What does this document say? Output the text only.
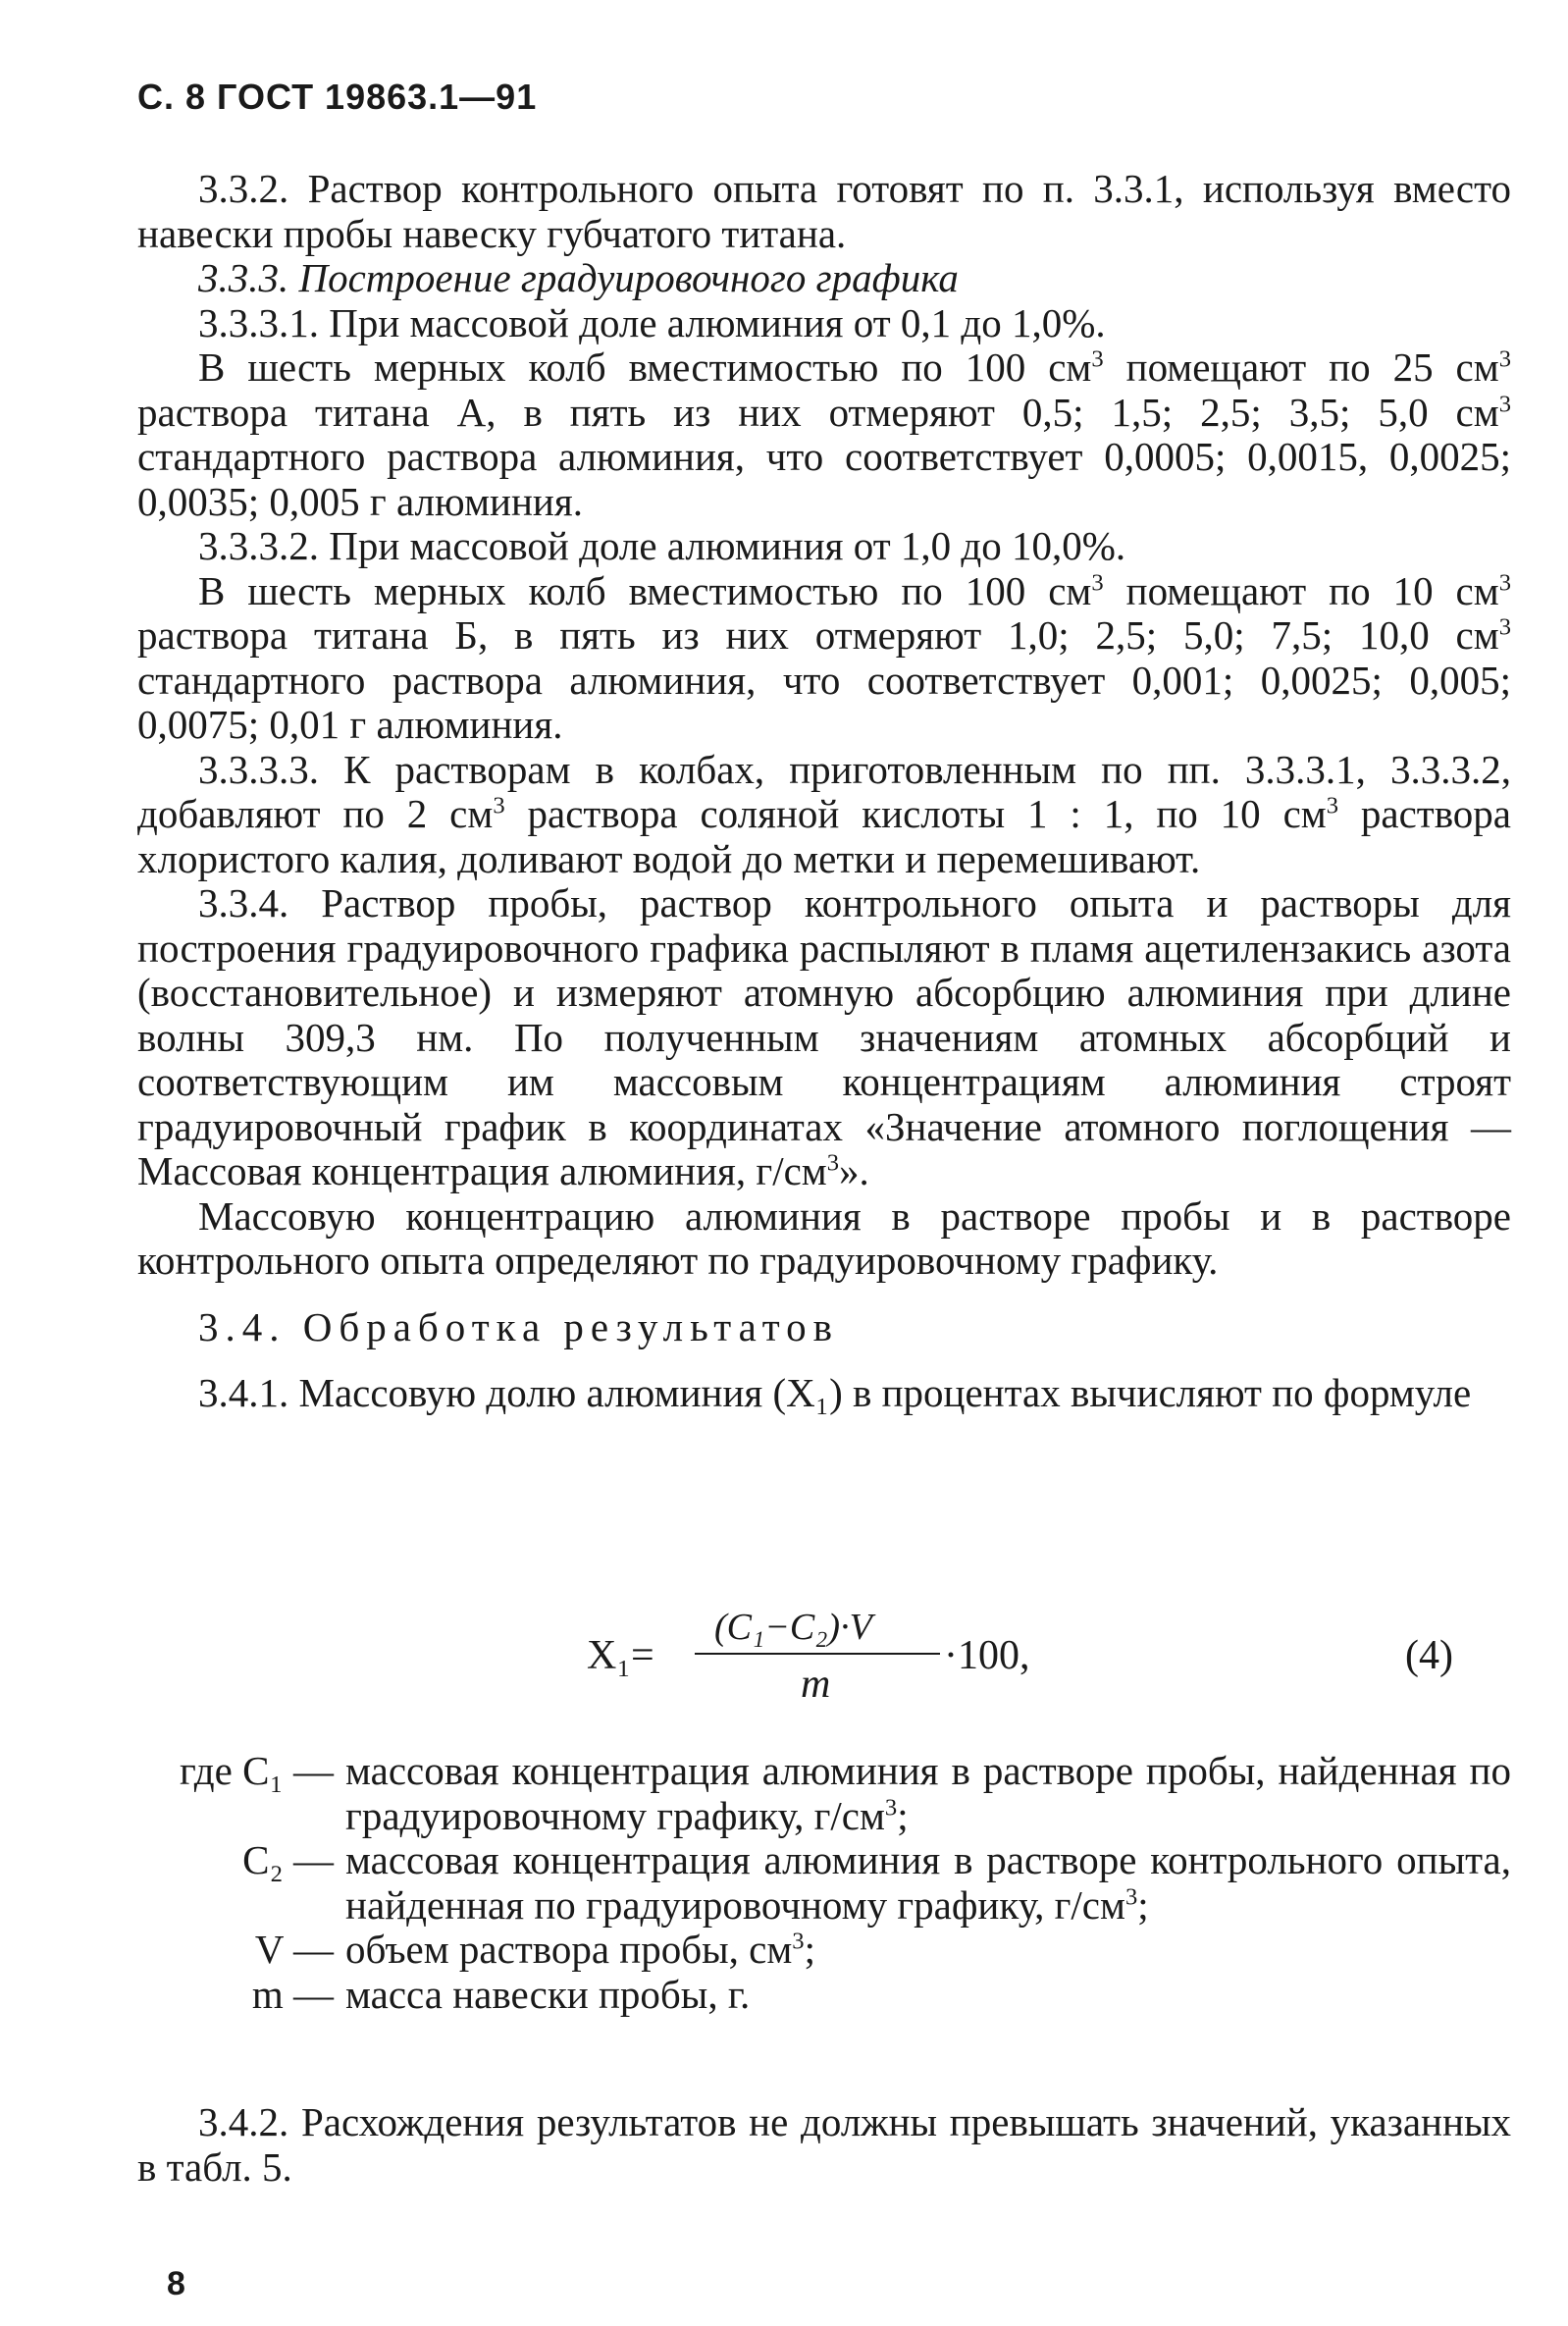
С. 8 ГОСТ 19863.1—91
3.3.2. Раствор контрольного опыта готовят по п. 3.3.1, используя вместо навески пробы навеску губчатого титана.
3.3.3. Построение градуировочного графика
3.3.3.1. При массовой доле алюминия от 0,1 до 1,0%.
В шесть мерных колб вместимостью по 100 $см^3$ помещают по 25 $см^3$ раствора титана А, в пять из них отмеряют 0,5; 1,5; 2,5; 3,5; 5,0 $см^3$ стандартного раствора алюминия, что соответствует 0,0005; 0,0015, 0,0025; 0,0035; 0,005 г алюминия.
3.3.3.2. При массовой доле алюминия от 1,0 до 10,0%.
В шесть мерных колб вместимостью по 100 $см^3$ помещают по 10 $см^3$ раствора титана Б, в пять из них отмеряют 1,0; 2,5; 5,0; 7,5; 10,0 $см^3$ стандартного раствора алюминия, что соответствует 0,001; 0,0025; 0,005; 0,0075; 0,01 г алюминия.
3.3.3.3. К растворам в колбах, приготовленным по пп. 3.3.3.1, 3.3.3.2, добавляют по 2 $см^3$ раствора соляной кислоты 1 : 1, по 10 $см^3$ раствора хлористого калия, доливают водой до метки и перемешивают.
3.3.4. Раствор пробы, раствор контрольного опыта и растворы для построения градуировочного графика распыляют в пламя ацетилензакись азота (восстановительное) и измеряют атомную абсорбцию алюминия при длине волны 309,3 нм. По полученным значениям атомных абсорбций и соответствующим им массовым концентрациям алюминия строят градуировочный график в координатах «Значение атомного поглощения — Массовая концентрация алюминия, $г/см^3$».
Массовую концентрацию алюминия в растворе пробы и в растворе контрольного опыта определяют по градуировочному графику.
3.4. Обработка результатов
3.4.1. Массовую долю алюминия (X₁) в процентах вычисляют по формуле
X₁=
(C₁−C₂)·V
·100,
m
(4)
где C₁ — массовая концентрация алюминия в растворе пробы, найденная по градуировочному графику, $г/см^3$;
C₂ — массовая концентрация алюминия в растворе контрольного опыта, найденная по градуировочному графику, $г/см^3$;
V — объем раствора пробы, $см^3$;
m — масса навески пробы, г.
3.4.2. Расхождения результатов не должны превышать значений, указанных в табл. 5.
8
